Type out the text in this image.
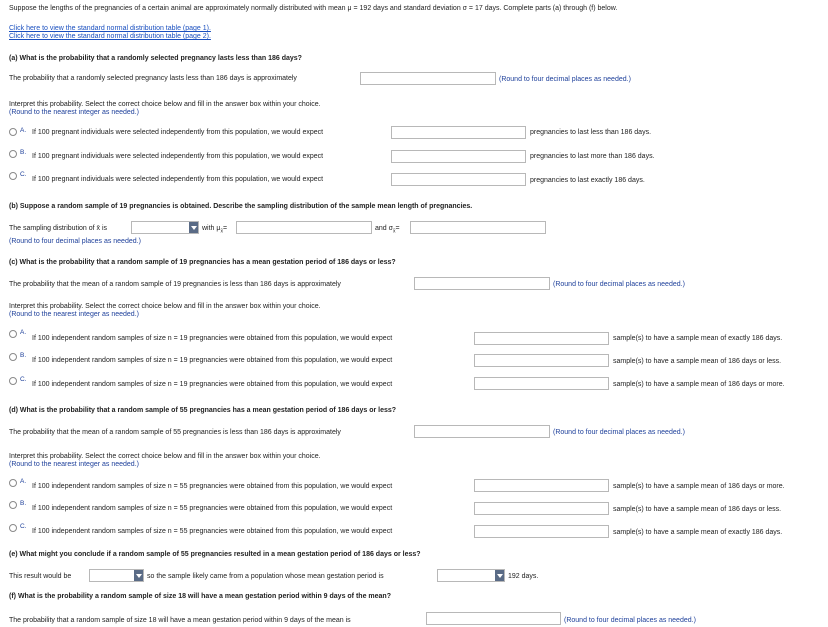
Suppose the lengths of the pregnancies of a certain animal are approximately normally distributed with mean μ = 192 days and standard deviation σ = 17 days. Complete parts (a) through (f) below.
Click here to view the standard normal distribution table (page 1).
Click here to view the standard normal distribution table (page 2).
(a) What is the probability that a randomly selected pregnancy lasts less than 186 days?
The probability that a randomly selected pregnancy lasts less than 186 days is approximately	(Round to four decimal places as needed.)
Interpret this probability. Select the correct choice below and fill in the answer box within your choice.
(Round to the nearest integer as needed.)
A. If 100 pregnant individuals were selected independently from this population, we would expect	pregnancies to last less than 186 days.
B.
If 100 pregnant individuals were selected independently from this population, we would expect	pregnancies to last more than 186 days.
C.
If 100 pregnant individuals were selected independently from this population, we would expect	pregnancies to last exactly 186 days.
(b) Suppose a random sample of 19 pregnancies is obtained. Describe the sampling distribution of the sample mean length of pregnancies.
The sampling distribution of x̄ is	with $\mu_{x̄}=$	and $\sigma_{x̄}=$
(Round to four decimal places as needed.)
(c) What is the probability that a random sample of 19 pregnancies has a mean gestation period of 186 days or less?
The probability that the mean of a random sample of 19 pregnancies is less than 186 days is approximately	(Round to four decimal places as needed.)
Interpret this probability. Select the correct choice below and fill in the answer box within your choice.
(Round to the nearest integer as needed.)
A.
If 100 independent random samples of size n = 19 pregnancies were obtained from this population, we would expect	sample(s) to have a sample mean of exactly 186 days.
B.
If 100 independent random samples of size n = 19 pregnancies were obtained from this population, we would expect	sample(s) to have a sample mean of 186 days or less.
C.
If 100 independent random samples of size n = 19 pregnancies were obtained from this population, we would expect	sample(s) to have a sample mean of 186 days or more.
(d) What is the probability that a random sample of 55 pregnancies has a mean gestation period of 186 days or less?
The probability that the mean of a random sample of 55 pregnancies is less than 186 days is approximately	(Round to four decimal places as needed.)
Interpret this probability. Select the correct choice below and fill in the answer box within your choice.
(Round to the nearest integer as needed.)
A.
If 100 independent random samples of size n = 55 pregnancies were obtained from this population, we would expect	sample(s) to have a sample mean of 186 days or more.
B.
If 100 independent random samples of size n = 55 pregnancies were obtained from this population, we would expect	sample(s) to have a sample mean of 186 days or less.
C.
If 100 independent random samples of size n = 55 pregnancies were obtained from this population, we would expect	sample(s) to have a sample mean of exactly 186 days.
(e) What might you conclude if a random sample of 55 pregnancies resulted in a mean gestation period of 186 days or less?
This result would be	so the sample likely came from a population whose mean gestation period is	192 days.
(f) What is the probability a random sample of size 18 will have a mean gestation period within 9 days of the mean?
The probability that a random sample of size 18 will have a mean gestation period within 9 days of the mean is	(Round to four decimal places as needed.)
